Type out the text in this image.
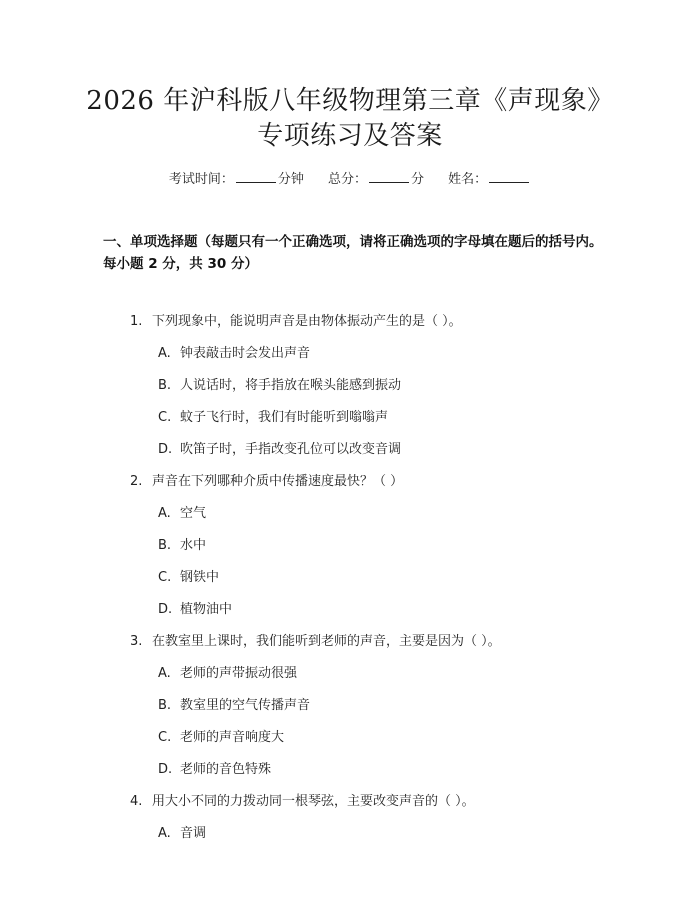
2026 年沪科版八年级物理第三章《声现象》
专项练习及答案
考试时间：	分钟 总分：	分 姓名：
一、单项选择题（每题只有一个正确选项，请将正确选项的字母填在题后的括号内。每小题 2 分，共 30 分）
1. 下列现象中，能说明声音是由物体振动产生的是（ ）。
A. 钟表敲击时会发出声音
B. 人说话时，将手指放在喉头能感到振动
C. 蚊子飞行时，我们有时能听到嗡嗡声
D. 吹笛子时，手指改变孔位可以改变音调
2. 声音在下列哪种介质中传播速度最快？（ ）
A. 空气
B. 水中
C. 钢铁中
D. 植物油中
3. 在教室里上课时，我们能听到老师的声音，主要是因为（ ）。
A. 老师的声带振动很强
B. 教室里的空气传播声音
C. 老师的声音响度大
D. 老师的音色特殊
4. 用大小不同的力拨动同一根琴弦，主要改变声音的（ ）。
A. 音调
